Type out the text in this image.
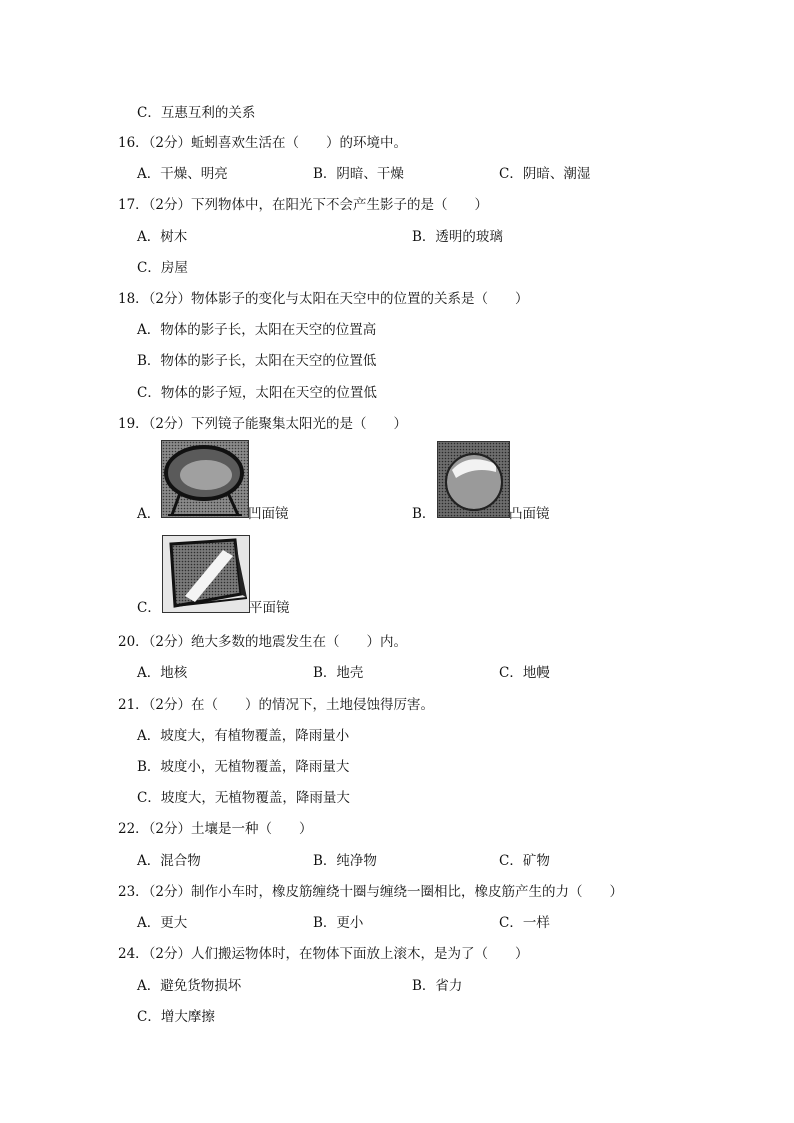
C．互惠互利的关系
16．（2分）蚯蚓喜欢生活在（　　）的环境中。
A．干燥、明亮	B．阴暗、干燥	C．阴暗、潮湿
17．（2分）下列物体中，在阳光下不会产生影子的是（　　）
A．树木	B．透明的玻璃
C．房屋
18．（2分）物体影子的变化与太阳在天空中的位置的关系是（　　）
A．物体的影子长，太阳在天空的位置高
B．物体的影子长，太阳在天空的位置低
C．物体的影子短，太阳在天空的位置低
19．（2分）下列镜子能聚集太阳光的是（　　）
A．	凹面镜	B．	凸面镜
C．	平面镜
20．（2分）绝大多数的地震发生在（　　）内。
A．地核	B．地壳	C．地幔
21．（2分）在（　　）的情况下，土地侵蚀得厉害。
A．坡度大，有植物覆盖，降雨量小
B．坡度小，无植物覆盖，降雨量大
C．坡度大，无植物覆盖，降雨量大
22．（2分）土壤是一种（　　）
A．混合物	B．纯净物	C．矿物
23．（2分）制作小车时，橡皮筋缠绕十圈与缠绕一圈相比，橡皮筋产生的力（　　）
A．更大	B．更小	C．一样
24．（2分）人们搬运物体时，在物体下面放上滚木，是为了（　　）
A．避免货物损坏	B．省力
C．增大摩擦
